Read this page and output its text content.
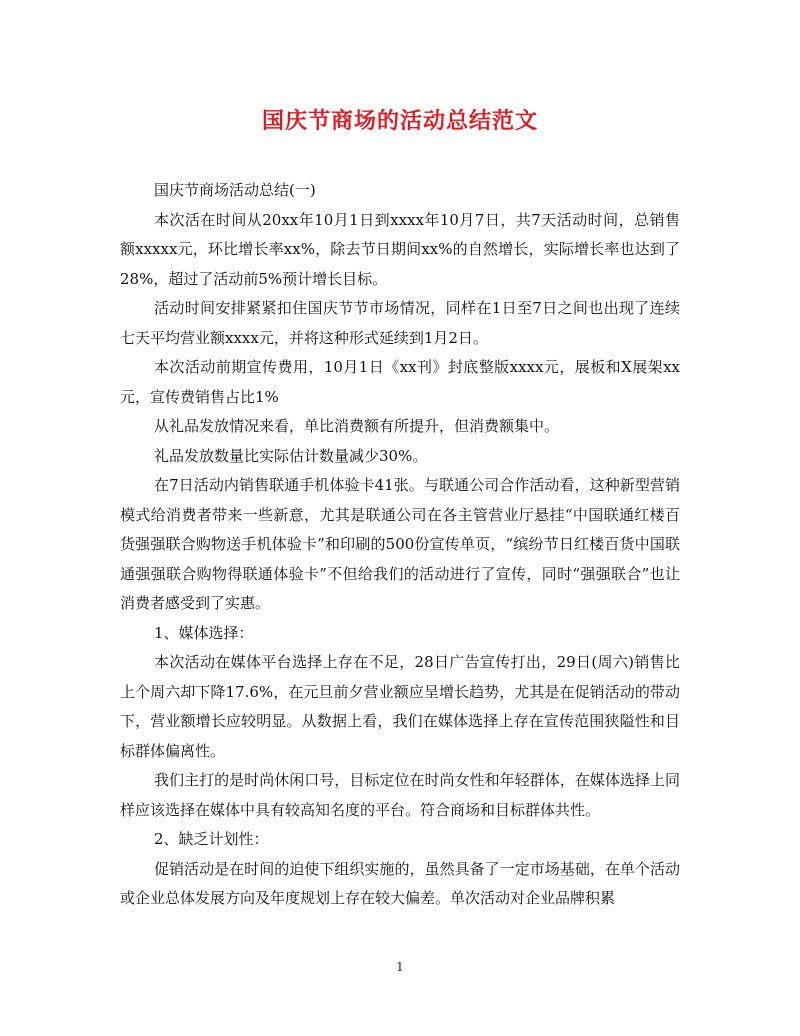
国庆节商场的活动总结范文

国庆节商场活动总结(一)

本次活在时间从20xx年10月1日到xxxx年10月7日，共7天活动时间，总销售额xxxxx元，环比增长率xx%，除去节日期间xx%的自然增长，实际增长率也达到了28%，超过了活动前5%预计增长目标。

活动时间安排紧紧扣住国庆节节市场情况，同样在1日至7日之间也出现了连续七天平均营业额xxxx元，并将这种形式延续到1月2日。

本次活动前期宣传费用，10月1日《xx刊》封底整版xxxx元，展板和X展架xx元，宣传费销售占比1%

从礼品发放情况来看，单比消费额有所提升，但消费额集中。

礼品发放数量比实际估计数量减少30%。

在7日活动内销售联通手机体验卡41张。与联通公司合作活动看，这种新型营销模式给消费者带来一些新意，尤其是联通公司在各主管营业厅悬挂“中国联通红楼百货强强联合购物送手机体验卡”和印刷的500份宣传单页，“缤纷节日红楼百货中国联通强强联合购物得联通体验卡”不但给我们的活动进行了宣传，同时“强强联合”也让消费者感受到了实惠。

1、媒体选择：

本次活动在媒体平台选择上存在不足，28日广告宣传打出，29日(周六)销售比上个周六却下降17.6%，在元旦前夕营业额应呈增长趋势，尤其是在促销活动的带动下，营业额增长应较明显。从数据上看，我们在媒体选择上存在宣传范围狭隘性和目标群体偏离性。

我们主打的是时尚休闲口号，目标定位在时尚女性和年轻群体，在媒体选择上同样应该选择在媒体中具有较高知名度的平台。符合商场和目标群体共性。

2、缺乏计划性：

促销活动是在时间的迫使下组织实施的，虽然具备了一定市场基础，在单个活动或企业总体发展方向及年度规划上存在较大偏差。单次活动对企业品牌积累

1
